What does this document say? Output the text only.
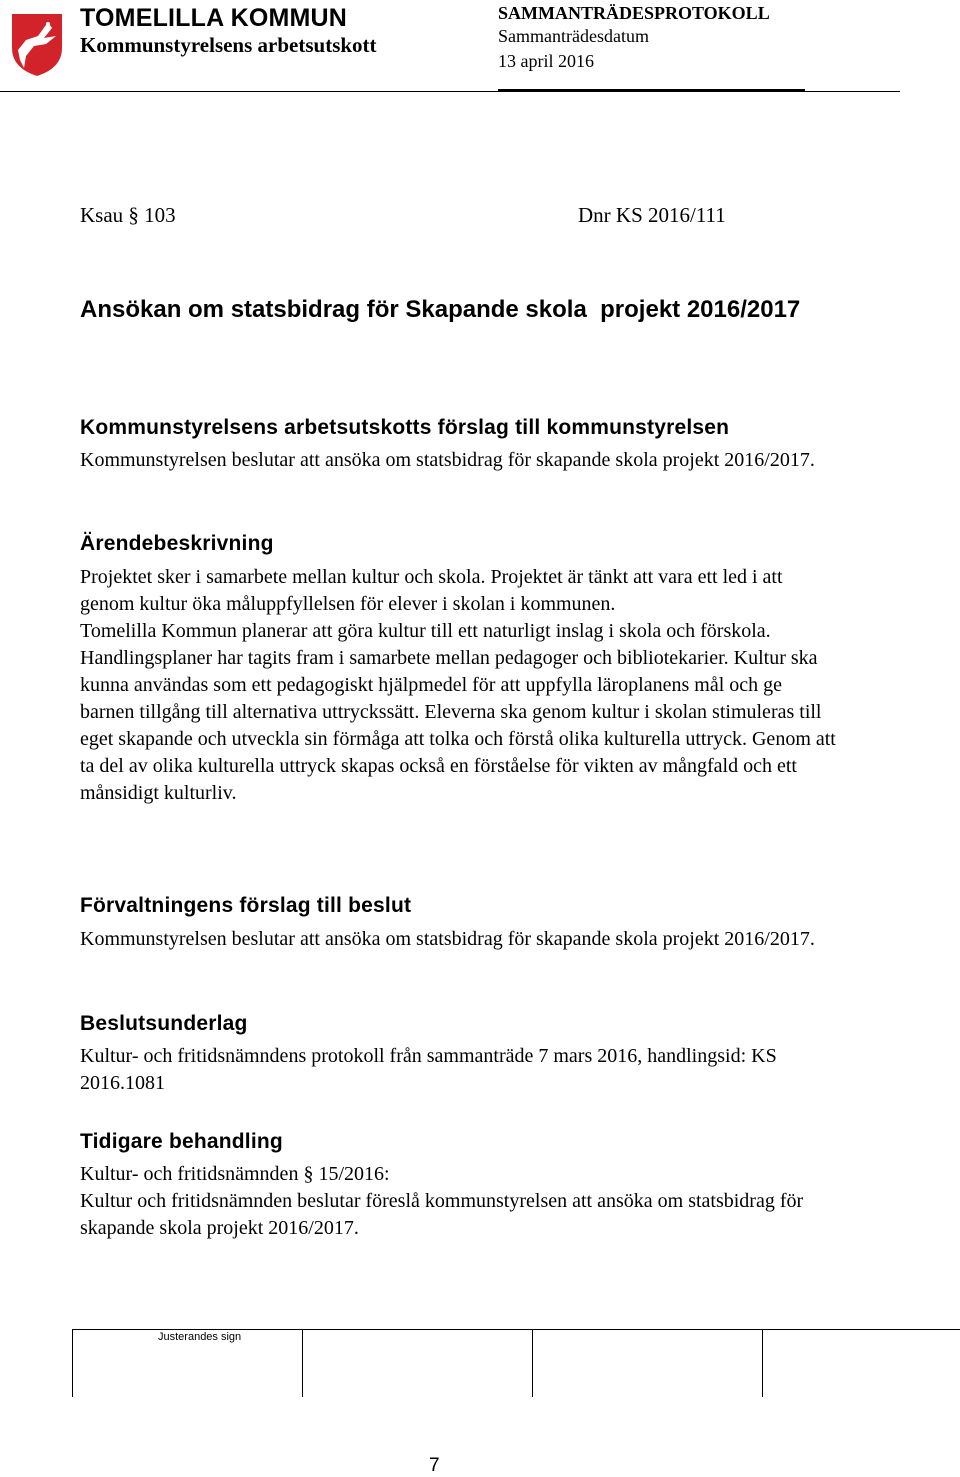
TOMELILLA KOMMUN
Kommunstyrelsens arbetsutskott
SAMMANTRÄDESPROTOKOLL
Sammanträdesdatum
13 april 2016
Ksau § 103	Dnr KS 2016/111
Ansökan om statsbidrag för Skapande skola  projekt 2016/2017
Kommunstyrelsens arbetsutskotts förslag till kommunstyrelsen
Kommunstyrelsen beslutar att ansöka om statsbidrag för skapande skola projekt 2016/2017.
Ärendebeskrivning

Projektet sker i samarbete mellan kultur och skola. Projektet är tänkt att vara ett led i att genom kultur öka måluppfyllelsen för elever i skolan i kommunen.

Tomelilla Kommun planerar att göra kultur till ett naturligt inslag i skola och förskola. Handlingsplaner har tagits fram i samarbete mellan pedagoger och bibliotekarier. Kultur ska kunna användas som ett pedagogiskt hjälpmedel för att uppfylla läroplanens mål och ge barnen tillgång till alternativa uttryckssätt. Eleverna ska genom kultur i skolan stimuleras till eget skapande och utveckla sin förmåga att tolka och förstå olika kulturella uttryck. Genom att ta del av olika kulturella uttryck skapas också en förståelse för vikten av mångfald och ett månsidigt kulturliv.

Förvaltningens förslag till beslut
Kommunstyrelsen beslutar att ansöka om statsbidrag för skapande skola projekt 2016/2017.
Beslutsunderlag
Kultur- och fritidsnämndens protokoll från sammanträde 7 mars 2016, handlingsid: KS 2016.1081
Tidigare behandling
Kultur- och fritidsnämnden § 15/2016:
Kultur och fritidsnämnden beslutar föreslå kommunstyrelsen att ansöka om statsbidrag för skapande skola projekt 2016/2017.
Justerandes sign
7
